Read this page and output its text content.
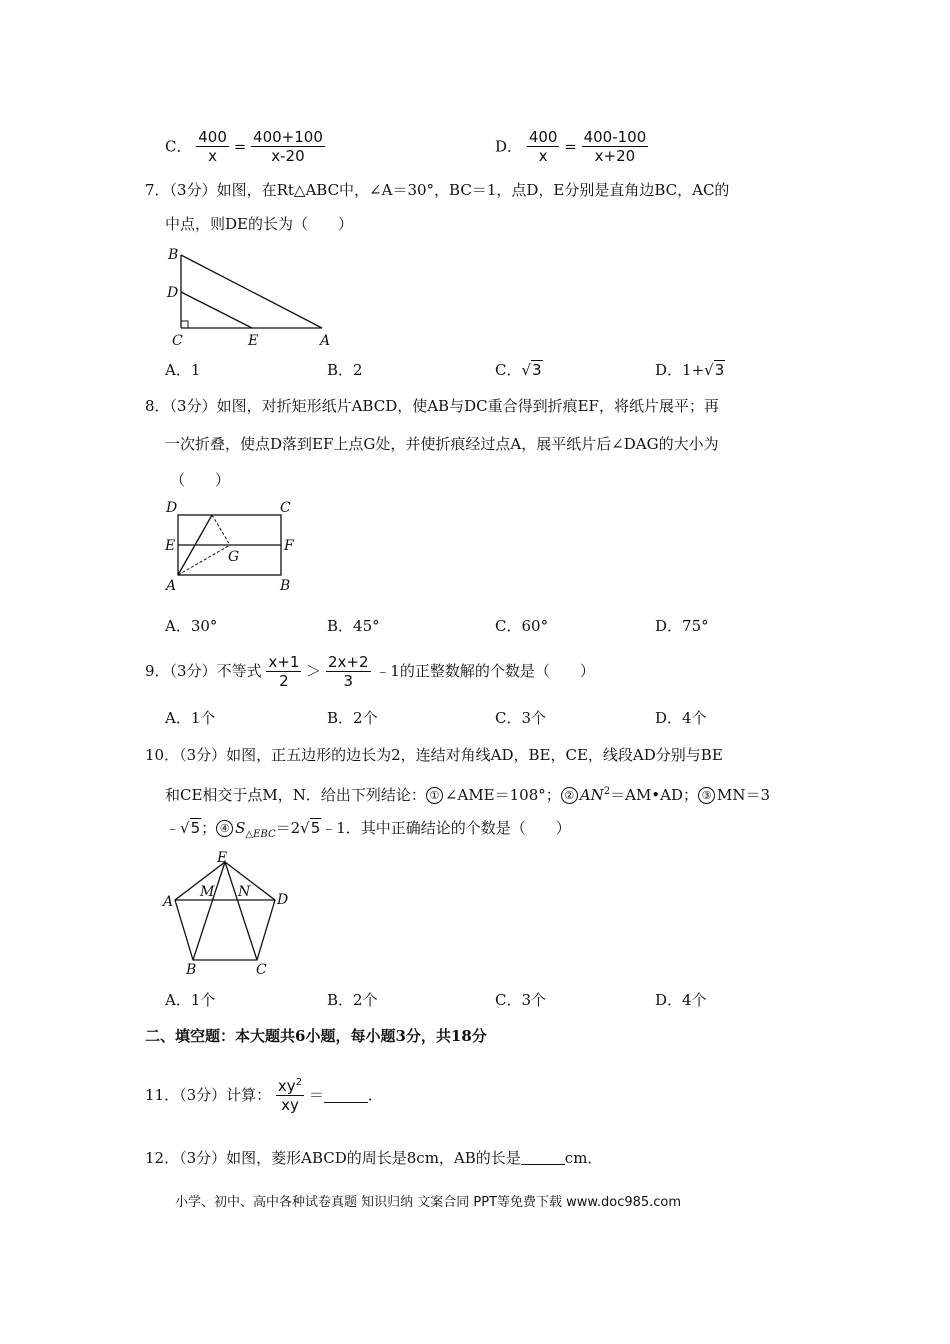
C． $\frac{400}{x} = \frac{400+100}{x-20}$	D． $\frac{400}{x} = \frac{400-100}{x+20}$
7．（3分）如图，在Rt△ABC中，∠A＝30°，BC＝1，点D，E分别是直角边BC，AC的
中点，则DE的长为（　　）
B
D
C	E	A
A．1	B．2	C．√3	D．1+√3
8．（3分）如图，对折矩形纸片ABCD，使AB与DC重合得到折痕EF，将纸片展平；再
一次折叠，使点D落到EF上点G处，并使折痕经过点A，展平纸片后∠DAG的大小为
（　　）
D	C
E	F
G
A	B
A．30°	B．45°	C．60°	D．75°
9．（3分）不等式 $\frac{x+1}{2} > \frac{2x+2}{3}$ ﹣1的正整数解的个数是（　　）
A．1个	B．2个	C．3个	D．4个
10．（3分）如图，正五边形的边长为2，连结对角线AD，BE，CE，线段AD分别与BE
和CE相交于点M，N．给出下列结论： ① ∠AME＝108°； ② $AN^2=AM•AD$； ③ MN＝3
﹣√5； ④ $S_{\triangle EBC}=2√5﹣1$．其中正确结论的个数是（　　）
E
A
M N D
B	C
A．1个	B．2个	C．3个	D．4个
二、填空题：本大题共6小题，每小题3分，共18分
11．（3分）计算： $\frac{xy^2}{xy}$ ＝	．
12．（3分）如图，菱形ABCD的周长是8cm，AB的长是	cm．
小学、初中、高中各种试卷真题 知识归纳 文案合同 PPT等免费下载 www.doc985.com
